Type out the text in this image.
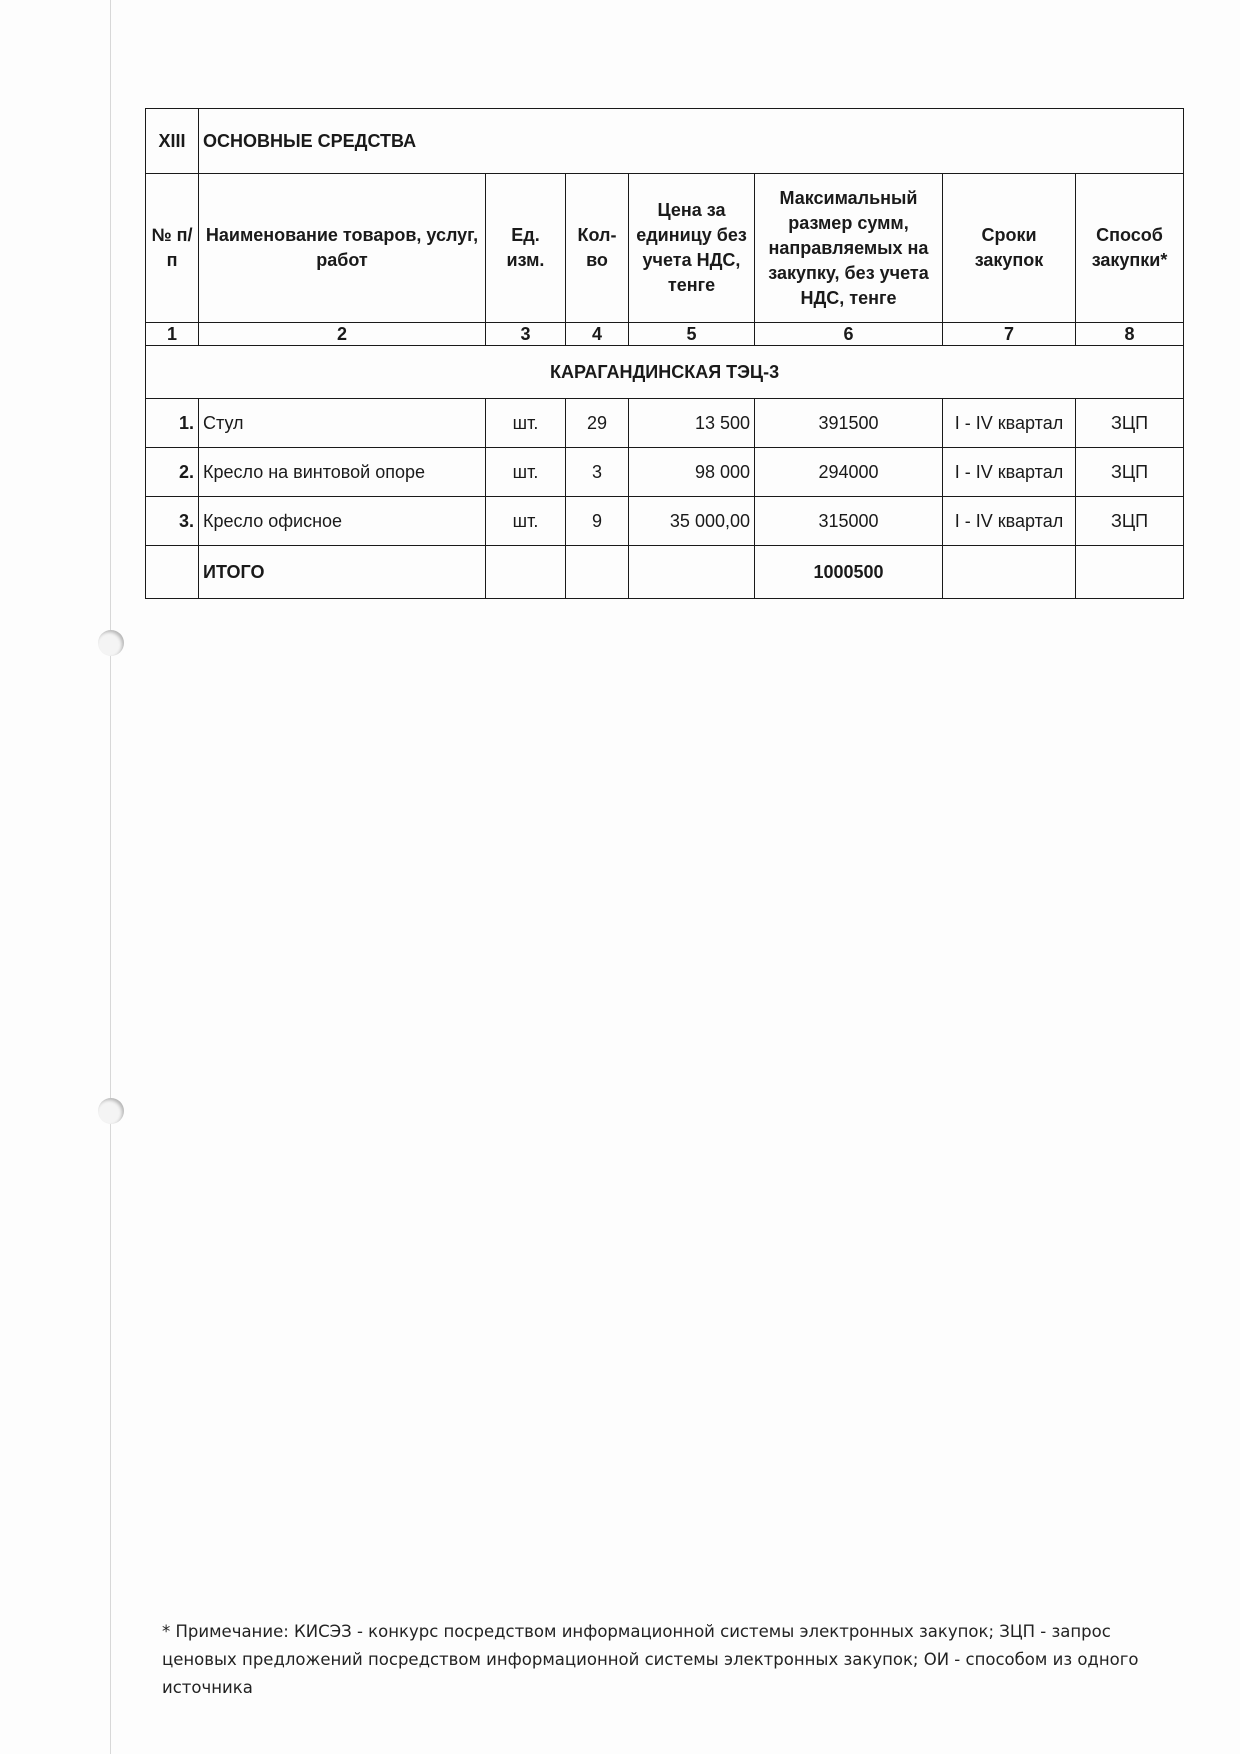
XIII	ОСНОВНЫЕ СРЕДСТВА						
№ п/п	Наименование товаров, услуг, работ	Ед. изм.	Кол-во	Цена за единицу без учета НДС, тенге	Максимальный размер сумм, направляемых на закупку, без учета НДС, тенге	Сроки закупок	Способ закупки*
1	2	3	4	5	6	7	8
КАРАГАНДИНСКАЯ ТЭЦ-3							
1.	Стул	шт.	29	13 500	391500	I - IV квартал	ЗЦП
2.	Кресло на винтовой опоре	шт.	3	98 000	294000	I - IV квартал	ЗЦП
3.	Кресло офисное	шт.	9	35 000,00	315000	I - IV квартал	ЗЦП
	ИТОГО				1000500		
* Примечание: КИСЭЗ - конкурс посредством информационной системы электронных закупок; ЗЦП - запрос ценовых предложений посредством информационной системы электронных закупок; ОИ - способом из одного источника
